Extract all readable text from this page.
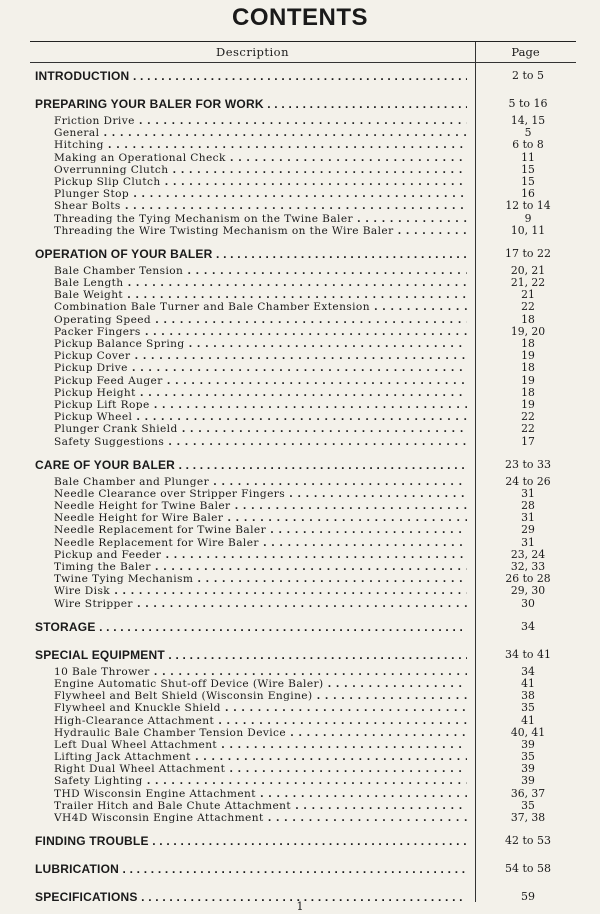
CONTENTS
Description	Page
INTRODUCTION . . .	2 to 5
PREPARING YOUR BALER FOR WORK . . .	5 to 16
Friction Drive . . .	14, 15
General . . .	5
Hitching . . .	6 to 8
Making an Operational Check . . .	11
Overrunning Clutch . . .	15
Pickup Slip Clutch . . .	15
Plunger Stop . . .	16
Shear Bolts . . .	12 to 14
Threading the Tying Mechanism on the Twine Baler . . .	9
Threading the Wire Twisting Mechanism on the Wire Baler . . .	10, 11
OPERATION OF YOUR BALER . . .	17 to 22
Bale Chamber Tension . . .	20, 21
Bale Length . . .	21, 22
Bale Weight . . .	21
Combination Bale Turner and Bale Chamber Extension . . .	22
Operating Speed . . .	18
Packer Fingers . . .	19, 20
Pickup Balance Spring . . .	18
Pickup Cover . . .	19
Pickup Drive . . .	18
Pickup Feed Auger . . .	19
Pickup Height . . .	18
Pickup Lift Rope . . .	19
Pickup Wheel . . .	22
Plunger Crank Shield . . .	22
Safety Suggestions . . .	17
CARE OF YOUR BALER . . .	23 to 33
Bale Chamber and Plunger . . .	24 to 26
Needle Clearance over Stripper Fingers . . .	31
Needle Height for Twine Baler . . .	28
Needle Height for Wire Baler . . .	31
Needle Replacement for Twine Baler . . .	29
Needle Replacement for Wire Baler . . .	31
Pickup and Feeder . . .	23, 24
Timing the Baler . . .	32, 33
Twine Tying Mechanism . . .	26 to 28
Wire Disk . . .	29, 30
Wire Stripper . . .	30
STORAGE . . .	34
SPECIAL EQUIPMENT . . .	34 to 41
10 Bale Thrower . . .	34
Engine Automatic Shut-off Device (Wire Baler) . . .	41
Flywheel and Belt Shield (Wisconsin Engine) . . .	38
Flywheel and Knuckle Shield . . .	35
High-Clearance Attachment . . .	41
Hydraulic Bale Chamber Tension Device . . .	40, 41
Left Dual Wheel Attachment . . .	39
Lifting Jack Attachment . . .	35
Right Dual Wheel Attachment . . .	39
Safety Lighting . . .	39
THD Wisconsin Engine Attachment . . .	36, 37
Trailer Hitch and Bale Chute Attachment . . .	35
VH4D Wisconsin Engine Attachment . . .	37, 38
FINDING TROUBLE . . .	42 to 53
LUBRICATION . . .	54 to 58
SPECIFICATIONS . . .	59
1
